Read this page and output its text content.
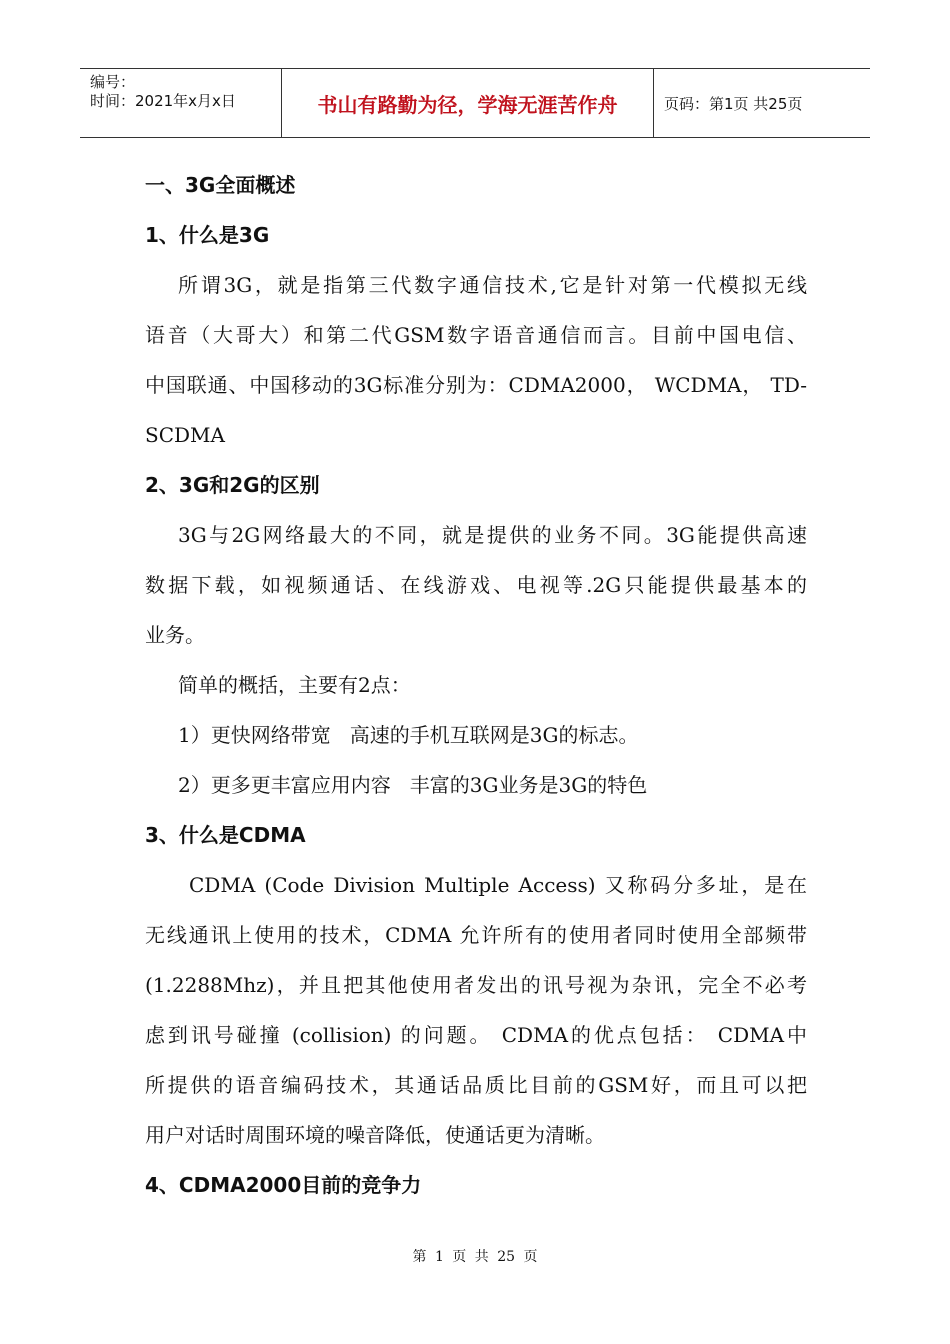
编号：
时间：2021年x月x日	书山有路勤为径，学海无涯苦作舟	页码：第1页 共25页
一、3G全面概述
1、什么是3G
所谓3G，就是指第三代数字通信技术,它是针对第一代模拟无线
语音（大哥大）和第二代GSM数字语音通信而言。目前中国电信、
中国联通、中国移动的3G标准分别为：CDMA2000， WCDMA， TD-
SCDMA
2、3G和2G的区别
3G与2G网络最大的不同，就是提供的业务不同。3G能提供高速
数据下载，如视频通话、在线游戏、电视等.2G只能提供最基本的
业务。
简单的概括，主要有2点：
1）更快网络带宽   高速的手机互联网是3G的标志。
2）更多更丰富应用内容   丰富的3G业务是3G的特色
3、什么是CDMA
CDMA (Code Division Multiple Access) 又称码分多址，是在
无线通讯上使用的技术，CDMA 允许所有的使用者同时使用全部频带
(1.2288Mhz)，并且把其他使用者发出的讯号视为杂讯，完全不必考
虑到讯号碰撞 (collision) 的问题。 CDMA的优点包括： CDMA中
所提供的语音编码技术，其通话品质比目前的GSM好，而且可以把
用户对话时周围环境的噪音降低，使通话更为清晰。
4、CDMA2000目前的竞争力
第 1 页 共 25 页
